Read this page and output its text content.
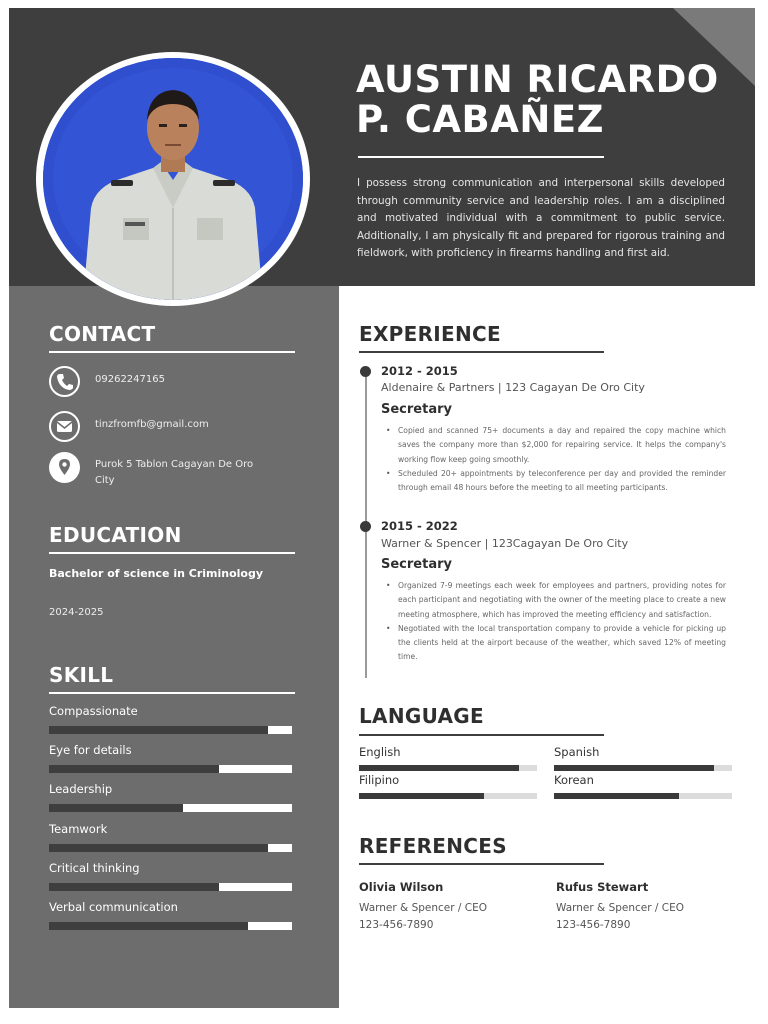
AUSTIN RICARDO
P. CABAÑEZ

I possess strong communication and interpersonal skills developed through community service and leadership roles. I am a disciplined and motivated individual with a commitment to public service. Additionally, I am physically fit and prepared for rigorous training and fieldwork, with proficiency in firearms handling and first aid.

CONTACT
09262247165
tinzfromfb@gmail.com
Purok 5 Tablon Cagayan De Oro City
EDUCATION
Bachelor of science in Criminology
2024-2025
SKILL
Compassionate
Eye for details
Leadership
Teamwork
Critical thinking
Verbal communication
EXPERIENCE
2012 - 2015
Aldenaire & Partners | 123 Cagayan De Oro City
Secretary
• Copied and scanned 75+ documents a day and repaired the copy machine which saves the company more than $2,000 for repairing service. It helps the company's working flow keep going smoothly.
• Scheduled 20+ appointments by teleconference per day and provided the reminder through email 48 hours before the meeting to all meeting participants.
2015 - 2022
Warner & Spencer | 123Cagayan De Oro City
Secretary
• Organized 7-9 meetings each week for employees and partners, providing notes for each participant and negotiating with the owner of the meeting place to create a new meeting atmosphere, which has improved the meeting efficiency and satisfaction.
• Negotiated with the local transportation company to provide a vehicle for picking up the clients held at the airport because of the weather, which saved 12% of meeting time.
LANGUAGE
English	Spanish
Filipino	Korean
REFERENCES
Olivia Wilson
Warner & Spencer / CEO
123-456-7890
Rufus Stewart
Warner & Spencer / CEO
123-456-7890
